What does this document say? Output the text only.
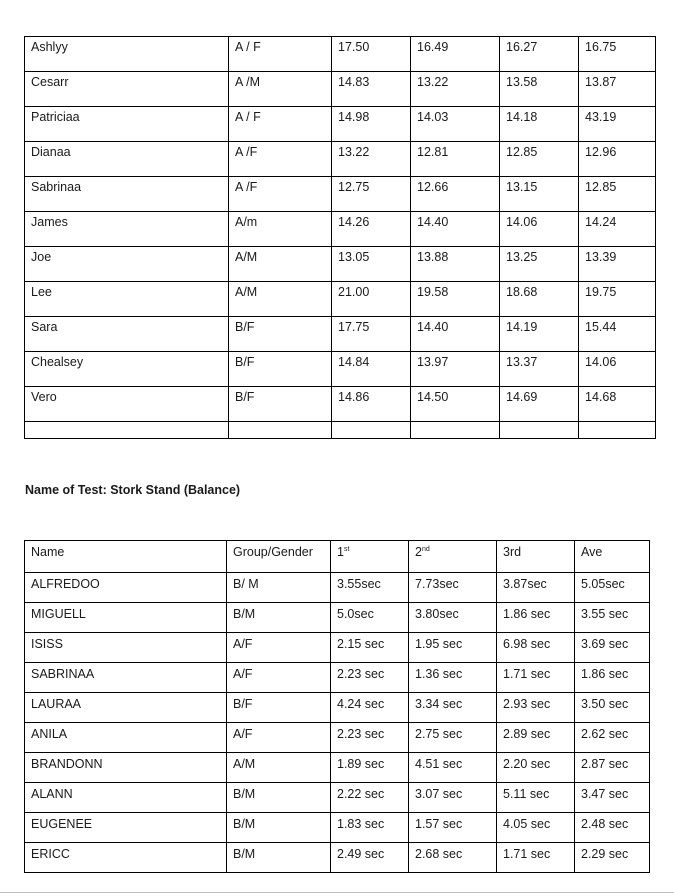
Ashlyy	A / F	17.50	16.49	16.27	16.75
Cesarr	A /M	14.83	13.22	13.58	13.87
Patriciaa	A / F	14.98	14.03	14.18	43.19
Dianaa	A /F	13.22	12.81	12.85	12.96
Sabrinaa	A /F	12.75	12.66	13.15	12.85
James	A/m	14.26	14.40	14.06	14.24
Joe	A/M	13.05	13.88	13.25	13.39
Lee	A/M	21.00	19.58	18.68	19.75
Sara	B/F	17.75	14.40	14.19	15.44
Chealsey	B/F	14.84	13.97	13.37	14.06
Vero	B/F	14.86	14.50	14.69	14.68

Name of Test: Stork Stand (Balance)
Name	Group/Gender	1st	2nd	3rd	Ave
ALFREDOO	B/ M	3.55sec	7.73sec	3.87sec	5.05sec
MIGUELL	B/M	5.0sec	3.80sec	1.86 sec	3.55 sec
ISISS	A/F	2.15 sec	1.95 sec	6.98 sec	3.69 sec
SABRINAA	A/F	2.23 sec	1.36 sec	1.71 sec	1.86 sec
LAURAA	B/F	4.24 sec	3.34 sec	2.93 sec	3.50 sec
ANILA	A/F	2.23 sec	2.75 sec	2.89 sec	2.62 sec
BRANDONN	A/M	1.89 sec	4.51 sec	2.20 sec	2.87 sec
ALANN	B/M	2.22 sec	3.07 sec	5.11 sec	3.47 sec
EUGENEE	B/M	1.83 sec	1.57 sec	4.05 sec	2.48 sec
ERICC	B/M	2.49 sec	2.68 sec	1.71 sec	2.29 sec
